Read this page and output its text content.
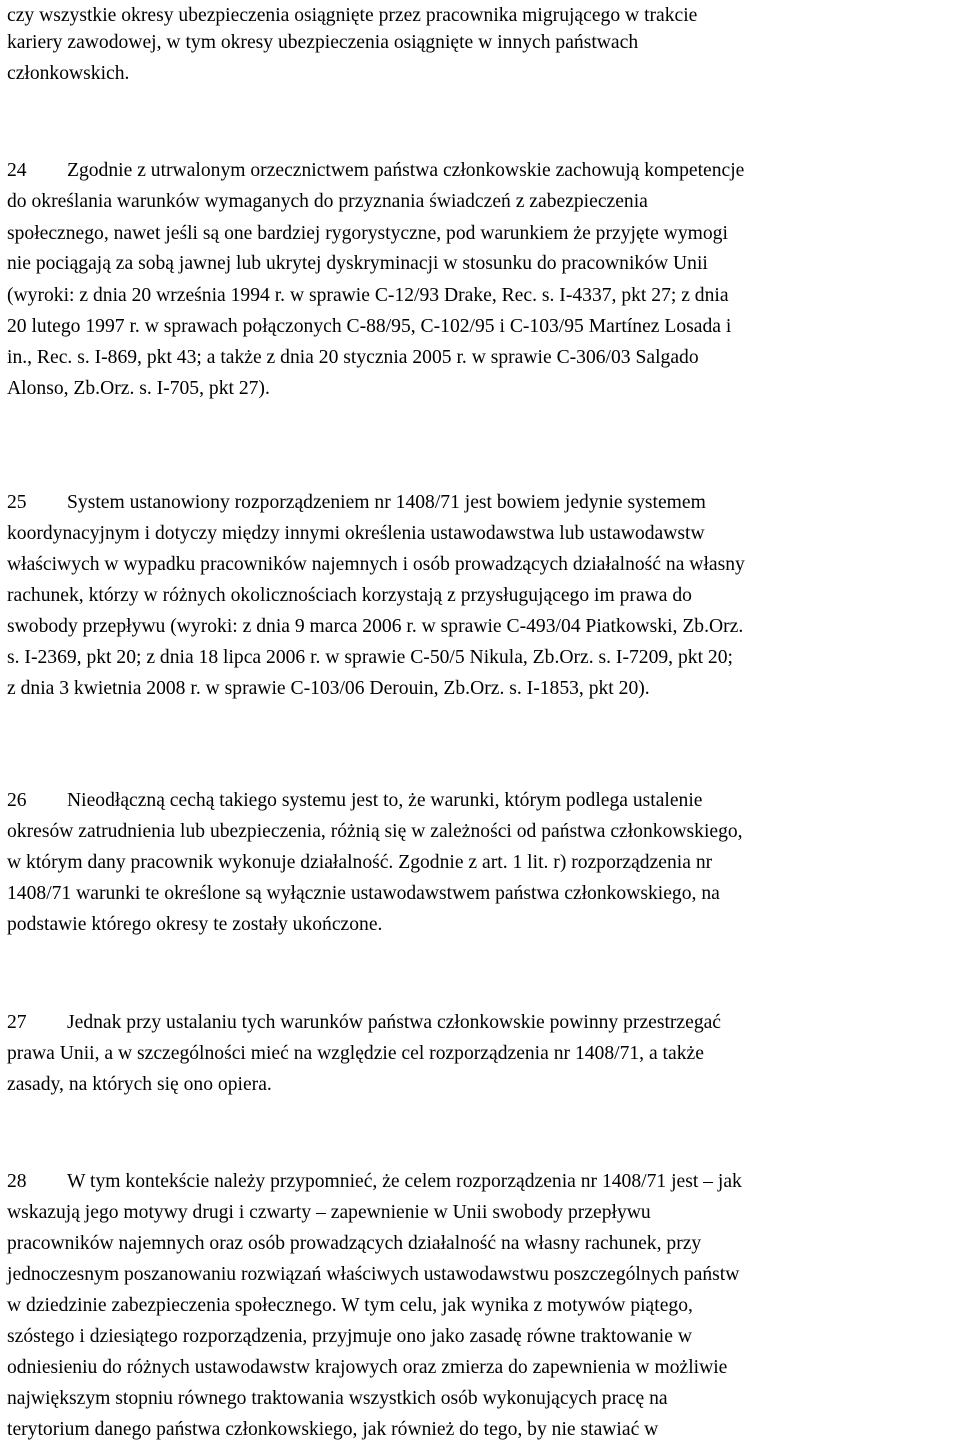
czy wszystkie okresy ubezpieczenia osiągnięte przez pracownika migrującego w trakcie
kariery zawodowej, w tym okresy ubezpieczenia osiągnięte w innych państwach
członkowskich.
24 Zgodnie z utrwalonym orzecznictwem państwa członkowskie zachowują kompetencje
do określania warunków wymaganych do przyznania świadczeń z zabezpieczenia
społecznego, nawet jeśli są one bardziej rygorystyczne, pod warunkiem że przyjęte wymogi
nie pociągają za sobą jawnej lub ukrytej dyskryminacji w stosunku do pracowników Unii
(wyroki: z dnia 20 września 1994 r. w sprawie C‑12/93 Drake, Rec. s. I‑4337, pkt 27; z dnia
20 lutego 1997 r. w sprawach połączonych C‑88/95, C‑102/95 i C‑103/95 Martínez Losada i
in., Rec. s. I‑869, pkt 43; a także z dnia 20 stycznia 2005 r. w sprawie C‑306/03 Salgado
Alonso, Zb.Orz. s. I‑705, pkt 27).
25 System ustanowiony rozporządzeniem nr 1408/71 jest bowiem jedynie systemem
koordynacyjnym i dotyczy między innymi określenia ustawodawstwa lub ustawodawstw
właściwych w wypadku pracowników najemnych i osób prowadzących działalność na własny
rachunek, którzy w różnych okolicznościach korzystają z przysługującego im prawa do
swobody przepływu (wyroki: z dnia 9 marca 2006 r. w sprawie C‑493/04 Piatkowski, Zb.Orz.
s. I‑2369, pkt 20; z dnia 18 lipca 2006 r. w sprawie C‑50/5 Nikula, Zb.Orz. s. I‑7209, pkt 20;
z dnia 3 kwietnia 2008 r. w sprawie C‑103/06 Derouin, Zb.Orz. s. I‑1853, pkt 20).
26 Nieodłączną cechą takiego systemu jest to, że warunki, którym podlega ustalenie
okresów zatrudnienia lub ubezpieczenia, różnią się w zależności od państwa członkowskiego,
w którym dany pracownik wykonuje działalność. Zgodnie z art. 1 lit. r) rozporządzenia nr
1408/71 warunki te określone są wyłącznie ustawodawstwem państwa członkowskiego, na
podstawie którego okresy te zostały ukończone.
27 Jednak przy ustalaniu tych warunków państwa członkowskie powinny przestrzegać
prawa Unii, a w szczególności mieć na względzie cel rozporządzenia nr 1408/71, a także
zasady, na których się ono opiera.
28 W tym kontekście należy przypomnieć, że celem rozporządzenia nr 1408/71 jest – jak
wskazują jego motywy drugi i czwarty – zapewnienie w Unii swobody przepływu
pracowników najemnych oraz osób prowadzących działalność na własny rachunek, przy
jednoczesnym poszanowaniu rozwiązań właściwych ustawodawstwu poszczególnych państw
w dziedzinie zabezpieczenia społecznego. W tym celu, jak wynika z motywów piątego,
szóstego i dziesiątego rozporządzenia, przyjmuje ono jako zasadę równe traktowanie w
odniesieniu do różnych ustawodawstw krajowych oraz zmierza do zapewnienia w możliwie
największym stopniu równego traktowania wszystkich osób wykonujących pracę na
terytorium danego państwa członkowskiego, jak również do tego, by nie stawiać w
